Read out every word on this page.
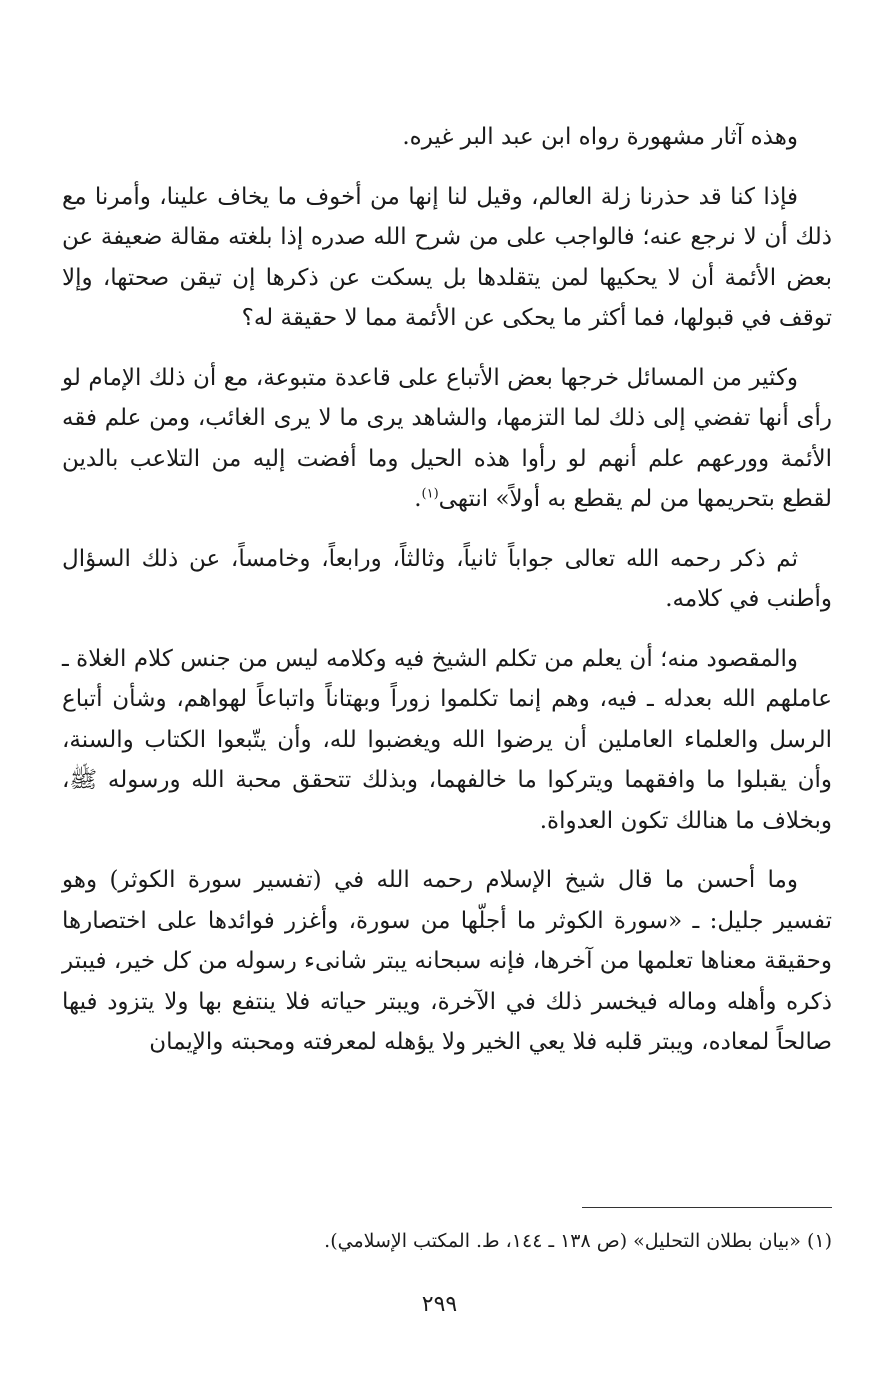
وهذه آثار مشهورة رواه ابن عبد البر غيره.

فإذا كنا قد حذرنا زلة العالم، وقيل لنا إنها من أخوف ما يخاف علينا، وأمرنا مع ذلك أن لا نرجع عنه؛ فالواجب على من شرح الله صدره إذا بلغته مقالة ضعيفة عن بعض الأئمة أن لا يحكيها لمن يتقلدها بل يسكت عن ذكرها إن تيقن صحتها، وإلا توقف في قبولها، فما أكثر ما يحكى عن الأئمة مما لا حقيقة له؟

وكثير من المسائل خرجها بعض الأتباع على قاعدة متبوعة، مع أن ذلك الإمام لو رأى أنها تفضي إلى ذلك لما التزمها، والشاهد يرى ما لا يرى الغائب، ومن علم فقه الأئمة وورعهم علم أنهم لو رأوا هذه الحيل وما أفضت إليه من التلاعب بالدين لقطع بتحريمها من لم يقطع به أولاً» انتهى$^{(١)}$.

ثم ذكر رحمه الله تعالى جواباً ثانياً، وثالثاً، ورابعاً، وخامساً، عن ذلك السؤال وأطنب في كلامه.

والمقصود منه؛ أن يعلم من تكلم الشيخ فيه وكلامه ليس من جنس كلام الغلاة ـ عاملهم الله بعدله ـ فيه، وهم إنما تكلموا زوراً وبهتاناً واتباعاً لهواهم، وشأن أتباع الرسل والعلماء العاملين أن يرضوا الله ويغضبوا لله، وأن يتّبعوا الكتاب والسنة، وأن يقبلوا ما وافقهما ويتركوا ما خالفهما، وبذلك تتحقق محبة الله ورسوله ﷺ، وبخلاف ما هنالك تكون العدواة.

وما أحسن ما قال شيخ الإسلام رحمه الله في (تفسير سورة الكوثر) وهو تفسير جليل: ـ «سورة الكوثر ما أجلّها من سورة، وأغزر فوائدها على اختصارها وحقيقة معناها تعلمها من آخرها، فإنه سبحانه يبتر شانىء رسوله من كل خير، فيبتر ذكره وأهله وماله فيخسر ذلك في الآخرة، ويبتر حياته فلا ينتفع بها ولا يتزود فيها صالحاً لمعاده، ويبتر قلبه فلا يعي الخير ولا يؤهله لمعرفته ومحبته والإيمان

(١) «بيان بطلان التحليل» (ص ١٣٨ ـ ١٤٤، ط. المكتب الإسلامي).
٢٩٩
